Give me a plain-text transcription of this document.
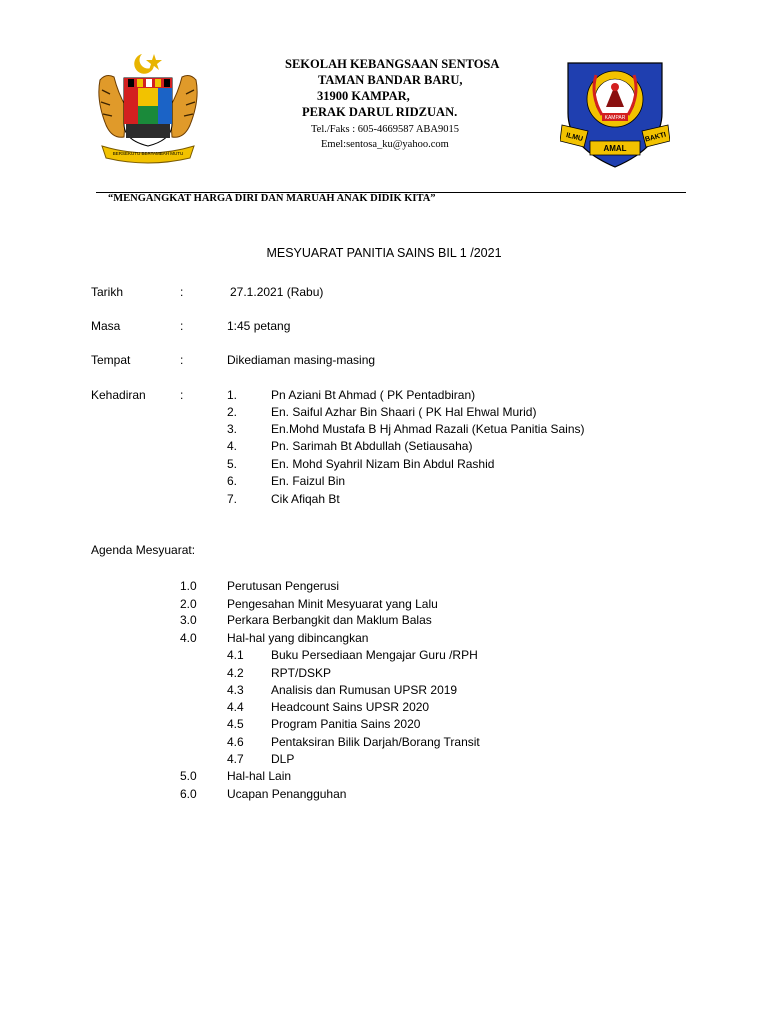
BERSEKUTU BERTAMBAH MUTU
SEKOLAH KEBANGSAAN SENTOSA
TAMAN BANDAR BARU,
31900 KAMPAR,
PERAK DARUL RIDZUAN.
Tel./Faks : 605-4669587 ABA9015
Emel:sentosa_ku@yahoo.com
KAMPAR
ILMU
AMAL
BAKTI
“MENGANGKAT HARGA DIRI DAN MARUAH ANAK DIDIK KITA”
MESYUARAT PANITIA SAINS BIL 1 /2021
Tarikh	:	27.1.2021 (Rabu)
Masa	:	1:45 petang
Tempat	:	Dikediaman masing-masing
Kehadiran	:	1.	Pn Aziani Bt Ahmad ( PK Pentadbiran)
2.	En. Saiful Azhar Bin Shaari ( PK Hal Ehwal Murid)
3.	En.Mohd Mustafa B Hj Ahmad Razali (Ketua Panitia Sains)
4.	Pn. Sarimah Bt Abdullah (Setiausaha)
5.	En. Mohd Syahril Nizam Bin Abdul Rashid
6.	En. Faizul Bin
7.	Cik Afiqah Bt
Agenda Mesyuarat:
1.0	Perutusan Pengerusi
2.0	Pengesahan Minit Mesyuarat yang Lalu
3.0	Perkara Berbangkit dan Maklum Balas
4.0	Hal-hal yang dibincangkan
4.1 Buku Persediaan Mengajar Guru /RPH
4.2 RPT/DSKP
4.3 Analisis dan Rumusan UPSR 2019
4.4 Headcount Sains UPSR 2020
4.5 Program Panitia Sains 2020
4.6 Pentaksiran Bilik Darjah/Borang Transit
4.7 DLP
5.0	Hal-hal Lain
6.0	Ucapan Penangguhan
